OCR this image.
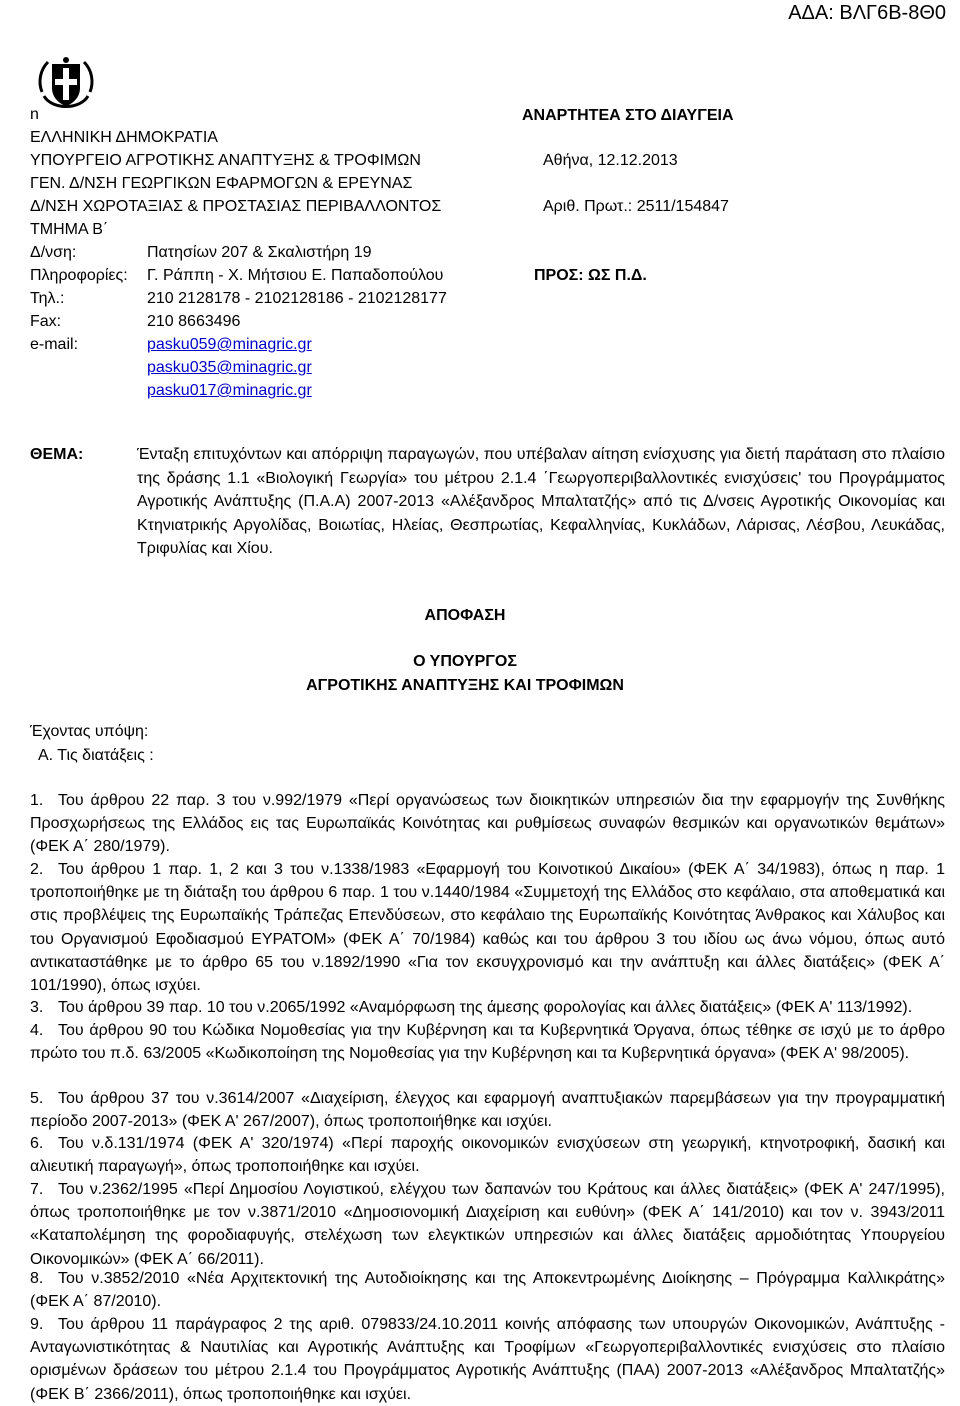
ΑΔΑ: ΒΛΓ6Β-8Θ0
n
ΕΛΛΗΝΙΚΗ ΔΗΜΟΚΡΑΤΙΑ
ΥΠΟΥΡΓΕΙΟ ΑΓΡΟΤΙΚΗΣ ΑΝΑΠΤΥΞΗΣ & ΤΡΟΦΙΜΩΝ
ΓΕΝ. Δ/ΝΣΗ ΓΕΩΡΓΙΚΩΝ ΕΦΑΡΜΟΓΩΝ & ΕΡΕΥΝΑΣ
Δ/ΝΣΗ ΧΩΡΟΤΑΞΙΑΣ & ΠΡΟΣΤΑΣΙΑΣ ΠΕΡΙΒΑΛΛΟΝΤΟΣ
ΤΜΗΜΑ Β΄
Δ/νση:	Πατησίων 207 & Σκαλιστήρη 19
Πληροφορίες: Γ. Ράππη - Χ. Μήτσιου Ε. Παπαδοπούλου
Τηλ.:	210 2128178 - 2102128186 - 2102128177
Fax:	210 8663496
e-mail:	pasku059@minagric.gr
pasku035@minagric.gr
pasku017@minagric.gr
ΑΝΑΡΤΗΤΕΑ ΣΤΟ ΔΙΑΥΓΕΙΑ
Αθήνα, 12.12.2013
Αριθ. Πρωτ.: 2511/154847
ΠΡΟΣ: ΩΣ Π.Δ.
ΘΕΜΑ:	Ένταξη επιτυχόντων και απόρριψη παραγωγών, που υπέβαλαν αίτηση ενίσχυσης για διετή παράταση στο πλαίσιο της δράσης 1.1 «Βιολογική Γεωργία» του μέτρου 2.1.4 ΄Γεωργοπεριβαλλοντικές ενισχύσεις' του Προγράμματος Αγροτικής Ανάπτυξης (Π.Α.Α) 2007-2013 «Αλέξανδρος Μπαλτατζής» από τις Δ/νσεις Αγροτικής Οικονομίας και Κτηνιατρικής Αργολίδας, Βοιωτίας, Ηλείας, Θεσπρωτίας, Κεφαλληνίας, Κυκλάδων, Λάρισας, Λέσβου, Λευκάδας, Τριφυλίας και Χίου.
ΑΠΟΦΑΣΗ
Ο ΥΠΟΥΡΓΟΣ
ΑΓΡΟΤΙΚΗΣ ΑΝΑΠΤΥΞΗΣ ΚΑΙ ΤΡΟΦΙΜΩΝ
Έχοντας υπόψη:
Α. Τις διατάξεις :
1. Του άρθρου 22 παρ. 3 του ν.992/1979 «Περί οργανώσεως των διοικητικών υπηρεσιών δια την εφαρμογήν της Συνθήκης Προσχωρήσεως της Ελλάδος εις τας Ευρωπαϊκάς Κοινότητας και ρυθμίσεως συναφών θεσμικών και οργανωτικών θεμάτων» (ΦΕΚ Α΄ 280/1979).
2. Του άρθρου 1 παρ. 1, 2 και 3 του ν.1338/1983 «Εφαρμογή του Κοινοτικού Δικαίου» (ΦΕΚ Α΄ 34/1983), όπως η παρ. 1 τροποποιήθηκε με τη διάταξη του άρθρου 6 παρ. 1 του ν.1440/1984 «Συμμετοχή της Ελλάδος στο κεφάλαιο, στα αποθεματικά και στις προβλέψεις της Ευρωπαϊκής Τράπεζας Επενδύσεων, στο κεφάλαιο της Ευρωπαϊκής Κοινότητας Άνθρακος και Χάλυβος και του Οργανισμού Εφοδιασμού ΕΥΡΑΤΟΜ» (ΦΕΚ Α΄ 70/1984) καθώς και του άρθρου 3 του ιδίου ως άνω νόμου, όπως αυτό αντικαταστάθηκε με το άρθρο 65 του ν.1892/1990 «Για τον εκσυγχρονισμό και την ανάπτυξη και άλλες διατάξεις» (ΦΕΚ Α΄ 101/1990), όπως ισχύει.
3. Του άρθρου 39 παρ. 10 του ν.2065/1992 «Αναμόρφωση της άμεσης φορολογίας και άλλες διατάξεις» (ΦΕΚ Α' 113/1992).
4. Του άρθρου 90 του Κώδικα Νομοθεσίας για την Κυβέρνηση και τα Κυβερνητικά Όργανα, όπως τέθηκε σε ισχύ με το άρθρο πρώτο του π.δ. 63/2005 «Κωδικοποίηση της Νομοθεσίας για την Κυβέρνηση και τα Κυβερνητικά όργανα» (ΦΕΚ Α' 98/2005).
5. Του άρθρου 37 του ν.3614/2007 «Διαχείριση, έλεγχος και εφαρμογή αναπτυξιακών παρεμβάσεων για την προγραμματική περίοδο 2007-2013» (ΦΕΚ Α' 267/2007), όπως τροποποιήθηκε και ισχύει.
6. Του ν.δ.131/1974 (ΦΕΚ Α' 320/1974) «Περί παροχής οικονομικών ενισχύσεων στη γεωργική, κτηνοτροφική, δασική και αλιευτική παραγωγή», όπως τροποποιήθηκε και ισχύει.
7. Του ν.2362/1995 «Περί Δημοσίου Λογιστικού, ελέγχου των δαπανών του Κράτους και άλλες διατάξεις» (ΦΕΚ Α' 247/1995), όπως τροποποιήθηκε με τον ν.3871/2010 «Δημοσιονομική Διαχείριση και ευθύνη» (ΦΕΚ Α΄ 141/2010) και τον ν. 3943/2011 «Καταπολέμηση της φοροδιαφυγής, στελέχωση των ελεγκτικών υπηρεσιών και άλλες διατάξεις αρμοδιότητας Υπουργείου Οικονομικών» (ΦΕΚ Α΄ 66/2011).
8. Του ν.3852/2010 «Νέα Αρχιτεκτονική της Αυτοδιοίκησης και της Αποκεντρωμένης Διοίκησης – Πρόγραμμα Καλλικράτης» (ΦΕΚ Α΄ 87/2010).
9. Του άρθρου 11 παράγραφος 2 της αριθ. 079833/24.10.2011 κοινής απόφασης των υπουργών Οικονομικών, Ανάπτυξης - Ανταγωνιστικότητας & Ναυτιλίας και Αγροτικής Ανάπτυξης και Τροφίμων «Γεωργοπεριβαλλοντικές ενισχύσεις στο πλαίσιο ορισμένων δράσεων του μέτρου 2.1.4 του Προγράμματος Αγροτικής Ανάπτυξης (ΠΑΑ) 2007-2013 «Αλέξανδρος Μπαλτατζής» (ΦΕΚ Β΄ 2366/2011), όπως τροποποιήθηκε και ισχύει.
